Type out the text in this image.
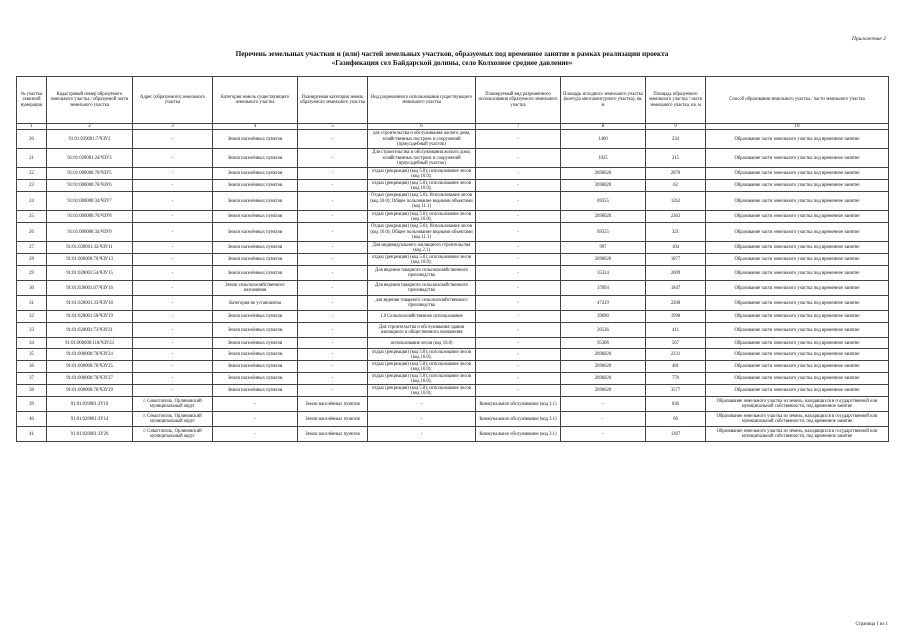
Приложение 2
Перечень земельных участков и (или) частей земельных участков, образуемых под временное занятие в рамках реализации проекта
«Газификация сел Байдарской долины, село Колхозное среднее давление»
№ участка сквозной нумерации	Кадастровый номер образуемого земельного участка / образуемой части земельного участка	Адрес (образуемого) земельного участка	Категория земель существующего земельного участка	Планируемая категория земель образуемого земельного участка	Вид разрешенного использования существующего земельного участка	Планируемый вид разрешенного использования образуемого земельного участка	Площадь исходного земельного участка (контура многоконтурного участка), кв. м	Площадь образуемого земельного участка / части земельного участка, кв. м	Способ образования земельного участка / части земельного участка
1	2	3	4	5	6	7	8	9	10
20	91:01:039001:7/ЧЗУ2	-	Земли населённых пунктов	-	для строительства и обслуживания жилого дома, хозяйственных построек и сооружений (приусадебный участок)	-	1400	234	Образование части земельного участка под временное занятие
21	91:01:039001:24/ЧЗУ3	-	Земли населённых пунктов	-	Для строительства и обслуживания жилого дома, хозяйственных построек и сооружений (приусадебный участок)	-	1025	215	Образование части земельного участка под временное занятие
22	91:01:000000:70/ЧЗУ5	-	Земли населённых пунктов	-	отдых (рекреация) (код 5.0); использование лесов (код 10.0);	-	2696020	2070	Образование части земельного участка под временное занятие
23	91:01:000000:70/ЧЗУ6	-	Земли населённых пунктов	-	отдых (рекреация) (код 5.0); использование лесов (код 10.0);	-	2696020	62	Образование части земельного участка под временное занятие
24	91:01:000000:34/ЧЗУ7	-	Земли населённых пунктов	-	Отдых (рекреация) (код 5.0); Использование лесов (код 10.0); Общее пользование водными объектами (код 11.1)	-	69355	1262	Образование части земельного участка под временное занятие
25	91:01:000000:70/ЧЗУ8	-	Земли населённых пунктов	-	отдых (рекреация) (код 5.0); использование лесов (код 10.0);	-	2696020	2363	Образование части земельного участка под временное занятие
26	91:01:000000:34/ЧЗУ9	-	Земли населённых пунктов	-	Отдых (рекреация) (код 5.0); Использование лесов (код 10.0); Общее пользование водными объектами (код 11.1)	-	69355	321	Образование части земельного участка под временное занятие
27	91:01:039001:32/ЧЗУ11	-	Земли населённых пунктов	-	Для индивидуального жилищного строительства (код 2.1)	-	997	104	Образование части земельного участка под временное занятие
28	91:01:000000:70/ЧЗУ13	-	Земли населённых пунктов	-	отдых (рекреация) (код 5.0); использование лесов (код 10.0);	-	2696020	1877	Образование части земельного участка под временное занятие
29	91:01:028001:54/ЧЗУ15	-	Земли населённых пунктов	-	Для ведения товарного сельскохозяйственного производства	-	35324	2009	Образование части земельного участка под временное занятие
30	91:01:028001:67/ЧЗУ16	-	Земли сельскохозяйственного назначения	-	Для ведения товарного сельскохозяйственного производства	-	37894	1847	Образование части земельного участка под временное занятие
31	91:01:028001:33/ЧЗУ18	-	Категория не установлена	-	для ведения товарного сельскохозяйственного производства	-	47419	2208	Образование части земельного участка под временное занятие
32	91:01:028001:58/ЧЗУ19	-	Земли населённых пунктов	-	1.0 Сельскохозяйственное использование	-	39090	1998	Образование части земельного участка под временное занятие
33	91:01:028001:73/ЧЗУ21	-	Земли населённых пунктов	-	Для строительства и обслуживания здания жилищного и общественного назначения	-	20536	411	Образование части земельного участка под временное занятие
34	91:01:000000:118/ЧЗУ23	-	Земли населённых пунктов	-	использование лесов (код 10.0)	-	95306	567	Образование части земельного участка под временное занятие
35	91:01:000000:70/ЧЗУ24	-	Земли населённых пунктов	-	отдых (рекреация) (код 5.0); использование лесов (код 10.0);	-	2696020	2331	Образование части земельного участка под временное занятие
36	91:01:000000:70/ЧЗУ25	-	Земли населённых пунктов	-	отдых (рекреация) (код 5.0); использование лесов (код 10.0);	-	2696020	481	Образование части земельного участка под временное занятие
37	91:01:000000:70/ЧЗУ27	-	Земли населённых пунктов	-	отдых (рекреация) (код 5.0); использование лесов (код 10.0);	-	2696020	770	Образование части земельного участка под временное занятие
38	91:01:000000:70/ЧЗУ29	-	Земли населённых пунктов	-	отдых (рекреация) (код 5.0); использование лесов (код 10.0);	-	2696020	3577	Образование части земельного участка под временное занятие
39	91:01:039001:ЗУ10	г. Севастополь, Орлиновский муниципальный округ	-	Земли населённых пунктов	-	Коммунальное обслуживание (код 3.1)	-	830	Образование земельного участка из земель, находящихся в государственной или муниципальной собственности, под временное занятие
40	91:01:028001:ЗУ14	г. Севастополь, Орлиновский муниципальный округ	-	Земли населённых пунктов	-	Коммунальное обслуживание (код 3.1)	-	66	Образование земельного участка из земель, находящихся в государственной или муниципальной собственности, под временное занятие
41	91:01:028001:ЗУ20	г. Севастополь, Орлиновский муниципальный округ	-	Земли населённых пунктов	-	Коммунальное обслуживание (код 3.1)	-	1307	Образование земельного участка из земель, находящихся в государственной или муниципальной собственности, под временное занятие
Страница 1 из 1
